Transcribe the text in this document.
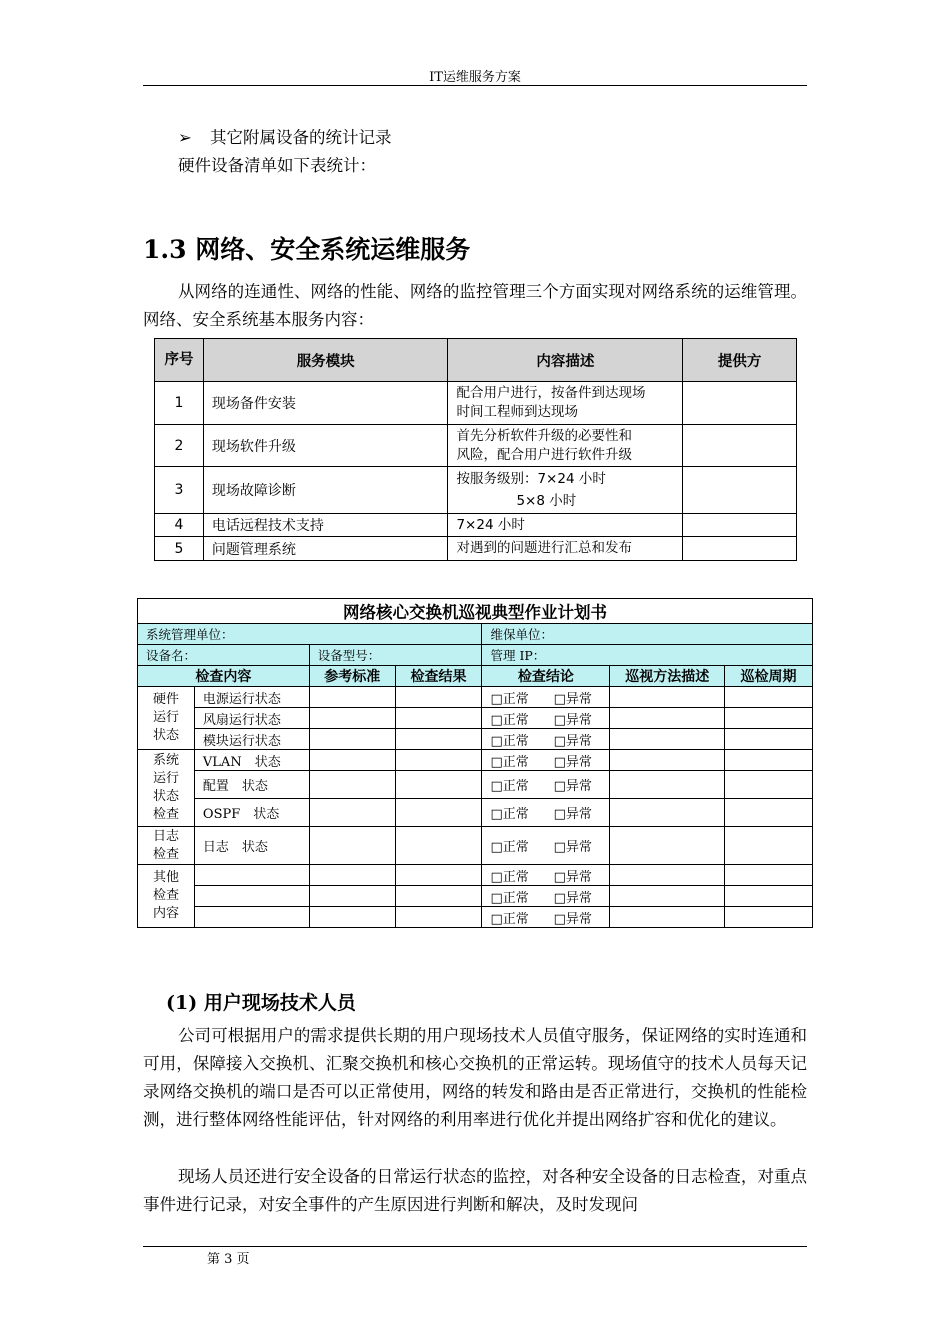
IT运维服务方案
➢ 其它附属设备的统计记录
硬件设备清单如下表统计：
1.3 网络、安全系统运维服务
从网络的连通性、网络的性能、网络的监控管理三个方面实现对网络系统的运维管理。网络、安全系统基本服务内容：
序号	服务模块	内容描述	提供方
1	现场备件安装	配合用户进行，按备件到达现场
时间工程师到达现场	

2	现场软件升级	首先分析软件升级的必要性和
风险，配合用户进行软件升级	

3	现场故障诊断	按服务级别：7×24 小时
5×8 小时	

4	电话远程技术支持	7×24 小时	
5	问题管理系统	对遇到的问题进行汇总和发布	
网络核心交换机巡视典型作业计划书						
系统管理单位：				维保单位：		
设备名：		设备型号：		管理 IP：		
检查内容		参考标准	检查结果	检查结论	巡视方法描述	巡检周期

硬件
运行
状态	电源运行状态			□正常 □异常		
	风扇运行状态			□正常 □异常		
	模块运行状态			□正常 □异常		

系统
运行
状态
检查	VLAN　状态			□正常 □异常		
	配置　状态			□正常 □异常		
	OSPF　状态			□正常 □异常		

日志
检查	日志　状态			□正常 □异常		

其他
检查
内容				□正常 □异常		
				□正常 □异常		
				□正常 □异常		
(1) 用户现场技术人员
公司可根据用户的需求提供长期的用户现场技术人员值守服务，保证网络的实时连通和可用，保障接入交换机、汇聚交换机和核心交换机的正常运转。现场值守的技术人员每天记录网络交换机的端口是否可以正常使用，网络的转发和路由是否正常进行，交换机的性能检测，进行整体网络性能评估，针对网络的利用率进行优化并提出网络扩容和优化的建议。
现场人员还进行安全设备的日常运行状态的监控，对各种安全设备的日志检查，对重点事件进行记录，对安全事件的产生原因进行判断和解决，及时发现问
第 3 页
